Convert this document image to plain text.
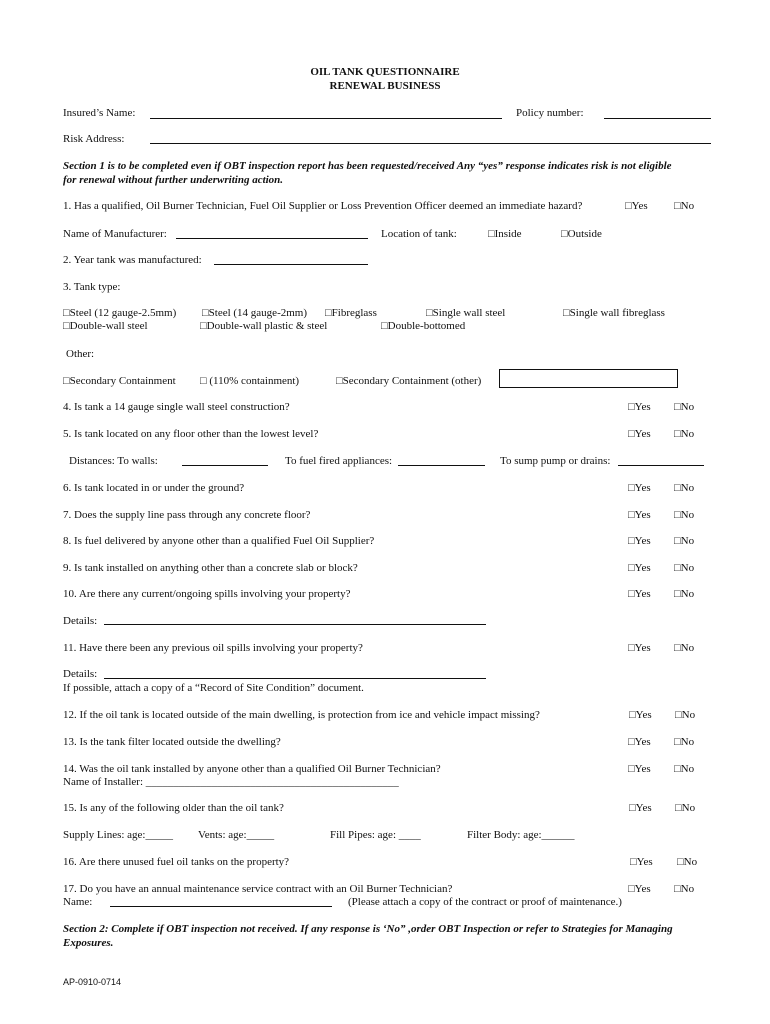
OIL TANK QUESTIONNAIRE
RENEWAL BUSINESS
Insured’s Name:	Policy number:
Risk Address:
Section 1 is to be completed even if OBT inspection report has been requested/received Any “yes” response indicates risk is not eligible
for renewal without further underwriting action.
1. Has a qualified, Oil Burner Technician, Fuel Oil Supplier or Loss Prevention Officer deemed an immediate hazard?	□Yes □No
Name of Manufacturer:	Location of tank:	□Inside	□Outside
2. Year tank was manufactured:
3. Tank type:
□Steel (12 gauge-2.5mm) □Steel (14 gauge-2mm) □Fibreglass	□Single wall steel	□Single wall fibreglass
□Double-wall steel	□Double-wall plastic & steel	□Double-bottomed
Other:
□Secondary Containment □ (110% containment)	□Secondary Containment (other)
4. Is tank a 14 gauge single wall steel construction?	□Yes □No
5. Is tank located on any floor other than the lowest level?	□Yes □No
Distances: To walls:	To fuel fired appliances:	To sump pump or drains:
6. Is tank located in or under the ground?	□Yes □No
7. Does the supply line pass through any concrete floor?	□Yes □No
8. Is fuel delivered by anyone other than a qualified Fuel Oil Supplier?	□Yes □No
9. Is tank installed on anything other than a concrete slab or block?	□Yes □No
10. Are there any current/ongoing spills involving your property?	□Yes □No
Details:
11. Have there been any previous oil spills involving your property?	□Yes □No
Details:
If possible, attach a copy of a “Record of Site Condition” document.
12. If the oil tank is located outside of the main dwelling, is protection from ice and vehicle impact missing?	□Yes □No
13. Is the tank filter located outside the dwelling?	□Yes □No
14. Was the oil tank installed by anyone other than a qualified Oil Burner Technician?	□Yes □No
Name of Installer: ______________________________________________
15. Is any of the following older than the oil tank?	□Yes □No
Supply Lines: age:_____ Vents: age:_____	Fill Pipes: age: ____	Filter Body: age:______
16. Are there unused fuel oil tanks on the property?	□Yes □No
17. Do you have an annual maintenance service contract with an Oil Burner Technician?	□Yes □No
Name:	(Please attach a copy of the contract or proof of maintenance.)
Section 2: Complete if OBT inspection not received. If any response is ‘No” ,order OBT Inspection or refer to Strategies for Managing
Exposures.
AP-0910-0714
